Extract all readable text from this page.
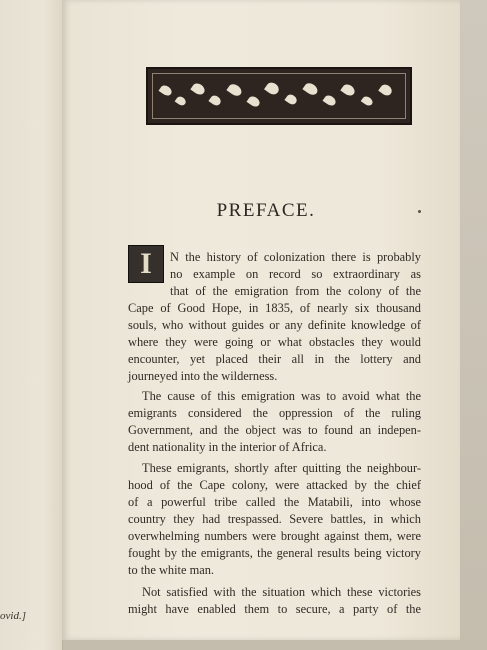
ovid.]
PREFACE.
I	N the history of colonization there is probably
no example on record so extraordinary as
that of the emigration from the colony of the
Cape of Good Hope, in 1835, of nearly six thousand
souls, who without guides or any definite knowledge of
where they were going or what obstacles they would
encounter, yet placed their all in the lottery and
journeyed into the wilderness.
The cause of this emigration was to avoid what the
emigrants considered the oppression of the ruling
Government, and the object was to found an indepen-
dent nationality in the interior of Africa.
These emigrants, shortly after quitting the neighbour-
hood of the Cape colony, were attacked by the chief
of a powerful tribe called the Matabili, into whose
country they had trespassed. Severe battles, in which
overwhelming numbers were brought against them, were
fought by the emigrants, the general results being victory
to the white man.
Not satisfied with the situation which these victories
might have enabled them to secure, a party of the
